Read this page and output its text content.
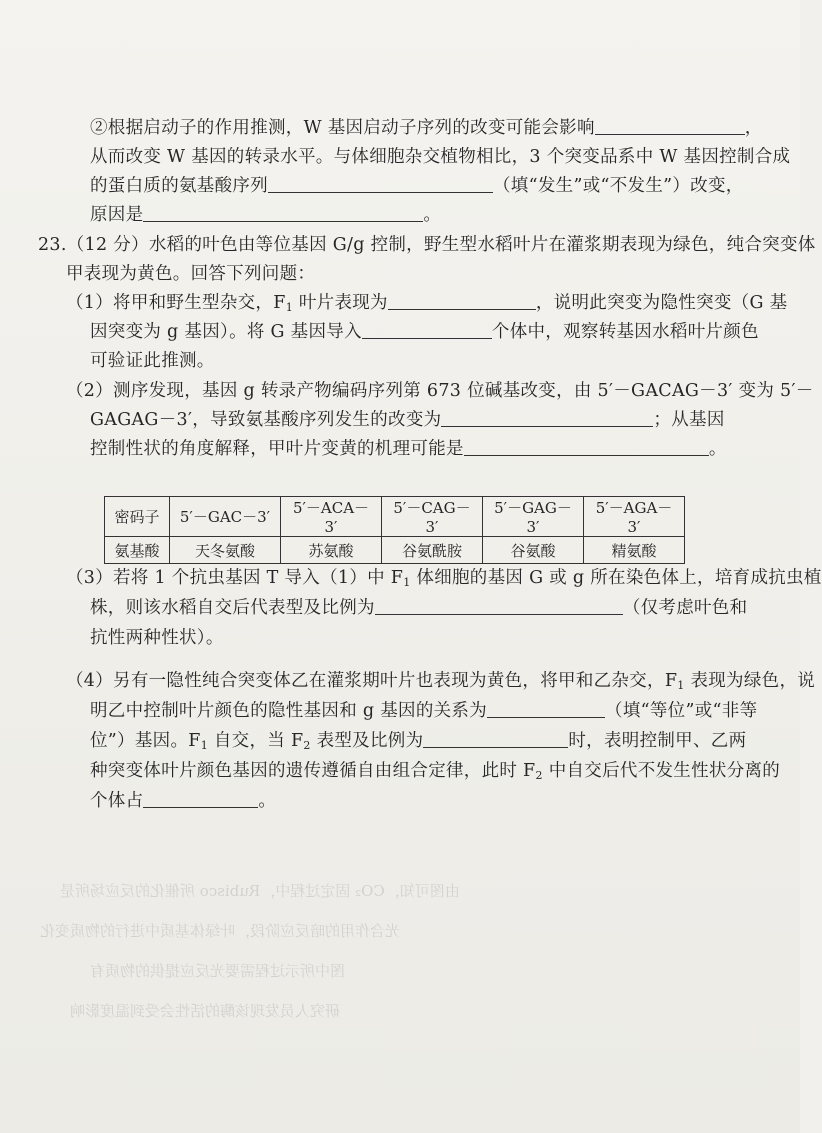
由图可知，CO₂ 固定过程中，Rubisco 所催化的反应场所是
光合作用的暗反应阶段，叶绿体基质中进行的物质变化
图中所示过程需要光反应提供的物质有
研究人员发现该酶的活性会受到温度影响
②根据启动子的作用推测，W 基因启动子序列的改变可能会影响	，
从而改变 W 基因的转录水平。与体细胞杂交植物相比，3 个突变品系中 W 基因控制合成
的蛋白质的氨基酸序列	（填“发生”或“不发生”）改变，
原因是	。
23.（12 分）水稻的叶色由等位基因 G/g 控制，野生型水稻叶片在灌浆期表现为绿色，纯合突变体
甲表现为黄色。回答下列问题：
（1）将甲和野生型杂交，$F_1$ 叶片表现为	，说明此突变为隐性突变（G 基
因突变为 g 基因）。将 G 基因导入	个体中，观察转基因水稻叶片颜色
可验证此推测。
（2）测序发现，基因 g 转录产物编码序列第 673 位碱基改变，由 5′－GACAG－3′ 变为 5′－
GAGAG－3′，导致氨基酸序列发生的改变为	；从基因
控制性状的角度解释，甲叶片变黄的机理可能是	。
密码子	5′－GAC－3′	5′－ACA－3′	5′－CAG－3′	5′－GAG－3′	5′－AGA－3′
氨基酸	天冬氨酸	苏氨酸	谷氨酰胺	谷氨酸	精氨酸
（3）若将 1 个抗虫基因 T 导入（1）中 $F_1$ 体细胞的基因 G 或 g 所在染色体上，培育成抗虫植
株，则该水稻自交后代表型及比例为	（仅考虑叶色和
抗性两种性状）。
（4）另有一隐性纯合突变体乙在灌浆期叶片也表现为黄色，将甲和乙杂交，$F_1$ 表现为绿色，说
明乙中控制叶片颜色的隐性基因和 g 基因的关系为	（填“等位”或“非等
位”）基因。$F_1$ 自交，当 $F_2$ 表型及比例为	时，表明控制甲、乙两
种突变体叶片颜色基因的遗传遵循自由组合定律，此时 $F_2$ 中自交后代不发生性状分离的
个体占	。
